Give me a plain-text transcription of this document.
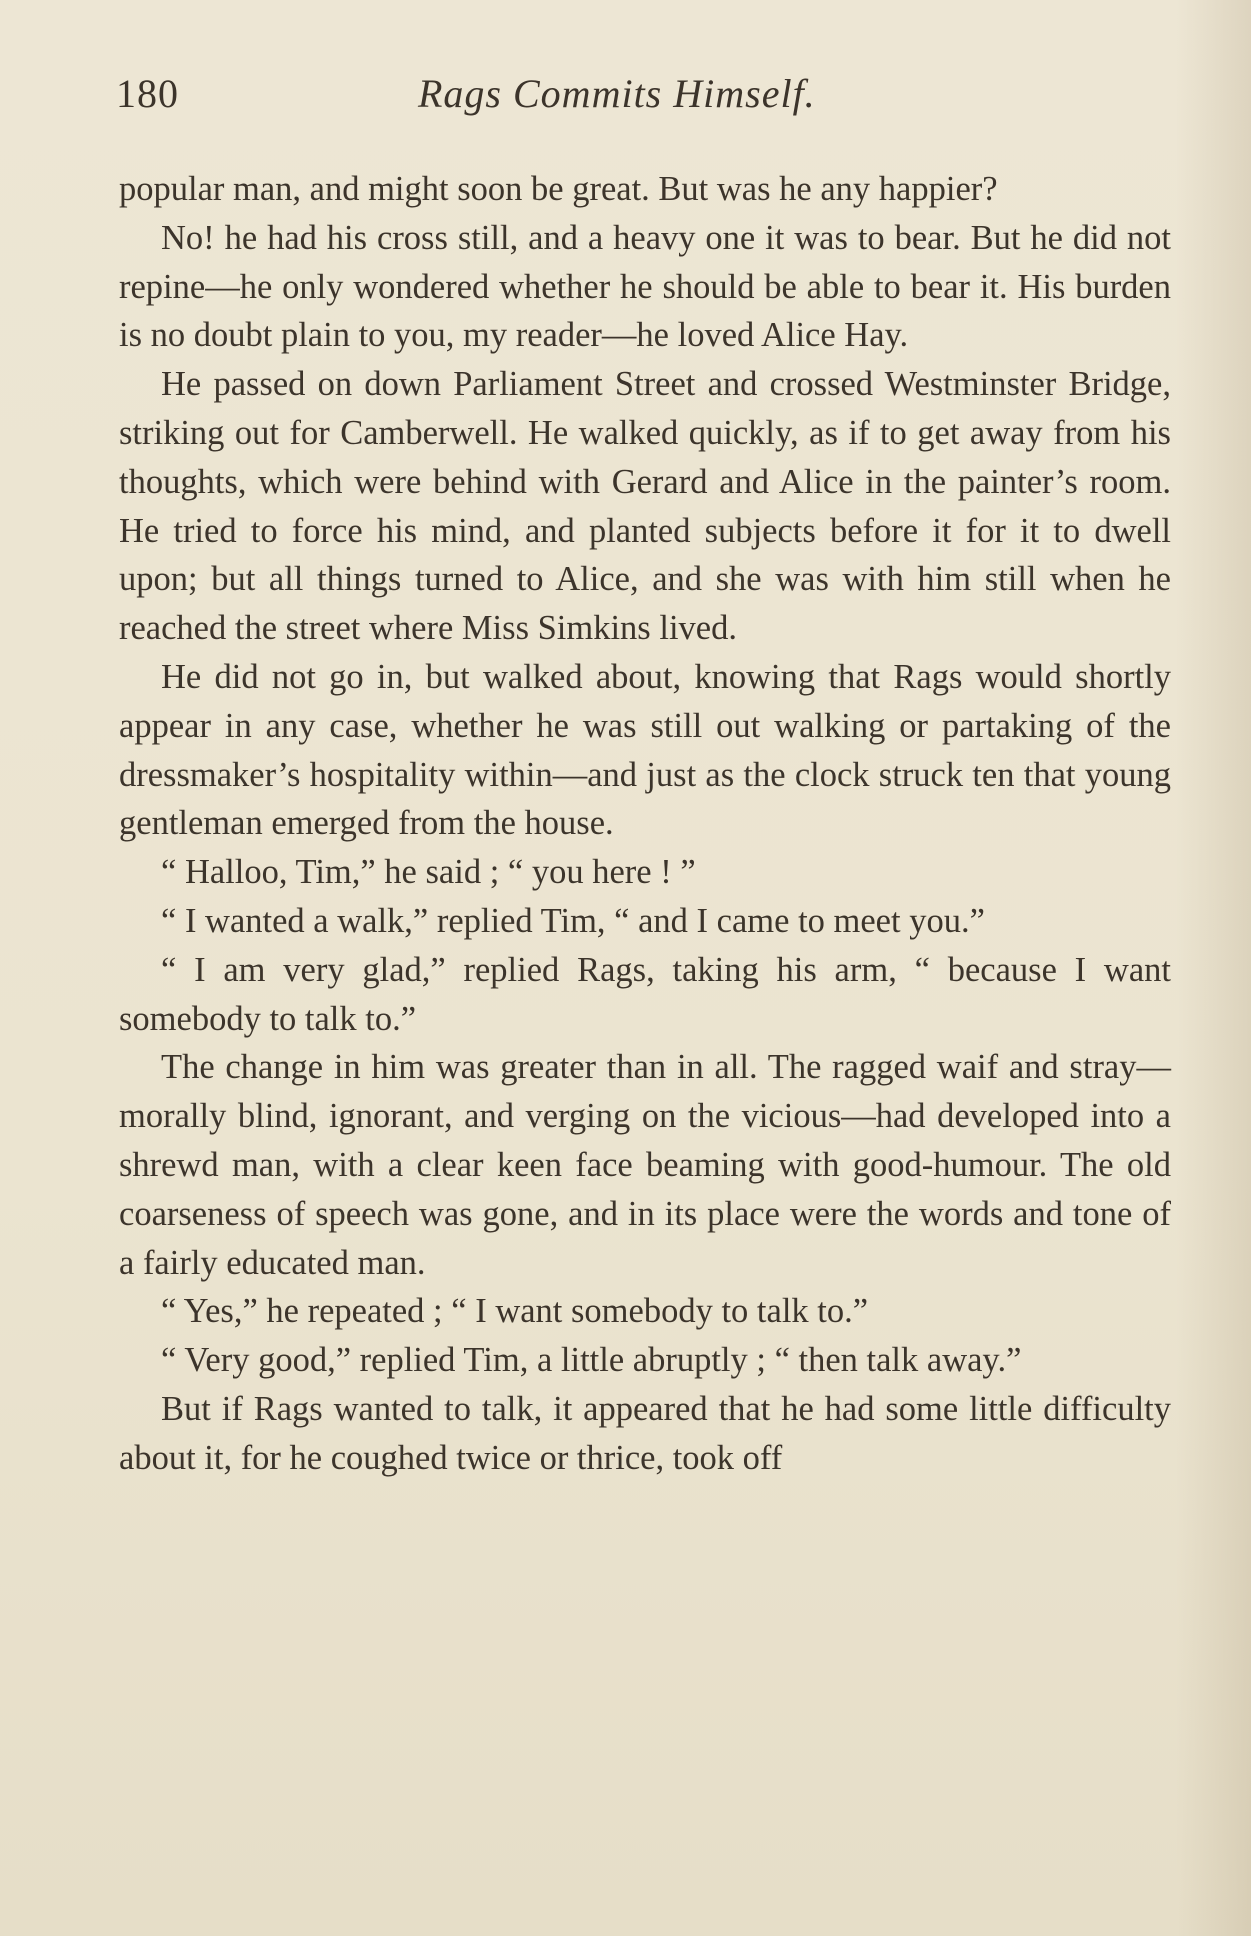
180	Rags Commits Himself.

popular man, and might soon be great. But was he any happier?

No! he had his cross still, and a heavy one it was to bear. But he did not repine—he only wondered whether he should be able to bear it. His burden is no doubt plain to you, my reader—he loved Alice Hay.

He passed on down Parliament Street and crossed Westminster Bridge, striking out for Camberwell. He walked quickly, as if to get away from his thoughts, which were behind with Gerard and Alice in the painter’s room. He tried to force his mind, and planted subjects before it for it to dwell upon; but all things turned to Alice, and she was with him still when he reached the street where Miss Simkins lived.

He did not go in, but walked about, knowing that Rags would shortly appear in any case, whether he was still out walking or partaking of the dressmaker’s hospitality within—and just as the clock struck ten that young gentleman emerged from the house.

“ Halloo, Tim,” he said ; “ you here ! ”

“ I wanted a walk,” replied Tim, “ and I came to meet you.”

“ I am very glad,” replied Rags, taking his arm, “ because I want somebody to talk to.”

The change in him was greater than in all. The ragged waif and stray—morally blind, ignorant, and verging on the vicious—had developed into a shrewd man, with a clear keen face beaming with good-humour. The old coarseness of speech was gone, and in its place were the words and tone of a fairly educated man.

“ Yes,” he repeated ; “ I want somebody to talk to.”

“ Very good,” replied Tim, a little abruptly ; “ then talk away.”

But if Rags wanted to talk, it appeared that he had some little difficulty about it, for he coughed twice or thrice, took off
